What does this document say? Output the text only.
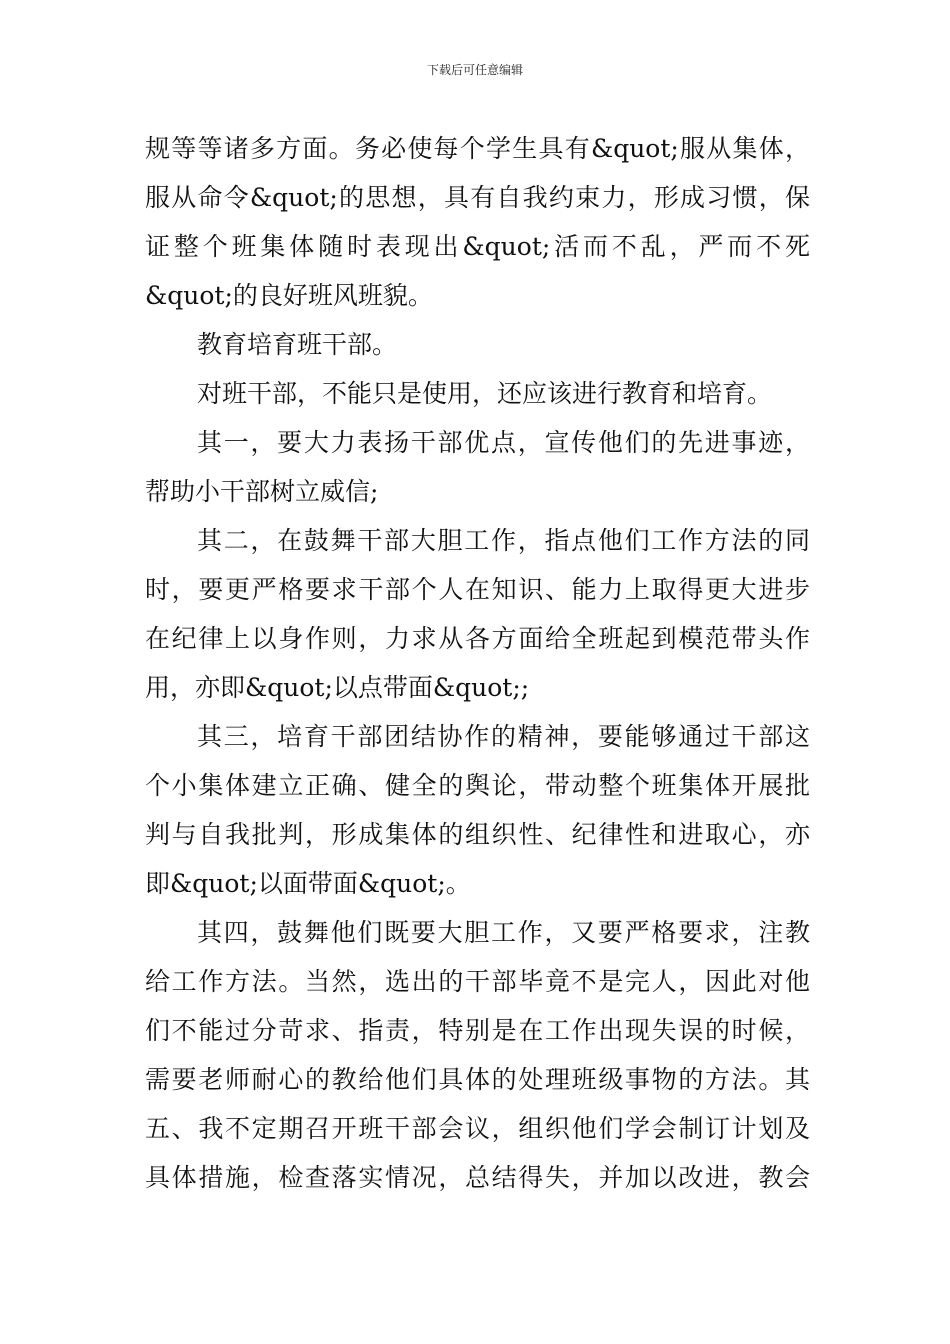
下载后可任意编辑
规等等诸多方面。务必使每个学生具有&quot;服从集体，
服从命令&quot;的思想，具有自我约束力，形成习惯，保
证整个班集体随时表现出&quot;活而不乱，严而不死
&quot;的良好班风班貌。
教育培育班干部。
对班干部，不能只是使用，还应该进行教育和培育。
其一，要大力表扬干部优点，宣传他们的先进事迹，
帮助小干部树立威信;
其二，在鼓舞干部大胆工作，指点他们工作方法的同
时，要更严格要求干部个人在知识、能力上取得更大进步
在纪律上以身作则，力求从各方面给全班起到模范带头作
用，亦即&quot;以点带面&quot;;
其三，培育干部团结协作的精神，要能够通过干部这
个小集体建立正确、健全的舆论，带动整个班集体开展批
判与自我批判，形成集体的组织性、纪律性和进取心，亦
即&quot;以面带面&quot;。
其四，鼓舞他们既要大胆工作，又要严格要求，注教
给工作方法。当然，选出的干部毕竟不是完人，因此对他
们不能过分苛求、指责，特别是在工作出现失误的时候，
需要老师耐心的教给他们具体的处理班级事物的方法。其
五、我不定期召开班干部会议，组织他们学会制订计划及
具体措施，检查落实情况，总结得失，并加以改进，教会
